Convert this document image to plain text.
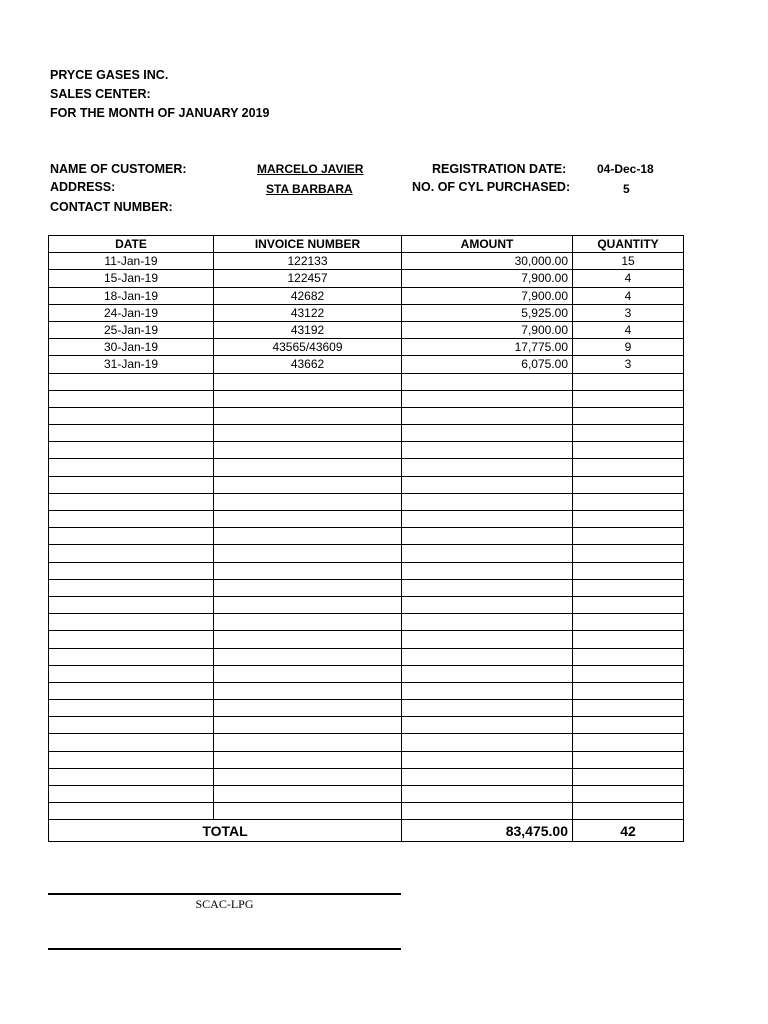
PRYCE GASES INC.
SALES CENTER:
FOR THE MONTH OF JANUARY 2019
NAME OF CUSTOMER:	MARCELO JAVIER
ADDRESS:	STA BARBARA
CONTACT NUMBER:
REGISTRATION DATE:	04-Dec-18
NO. OF CYL PURCHASED:	5
DATE	INVOICE NUMBER	AMOUNT	QUANTITY
11-Jan-19	122133	30,000.00	15
15-Jan-19	122457	7,900.00	4
18-Jan-19	42682	7,900.00	4
24-Jan-19	43122	5,925.00	3
25-Jan-19	43192	7,900.00	4
30-Jan-19	43565/43609	17,775.00	9
31-Jan-19	43662	6,075.00	3

TOTAL		83,475.00	42
SCAC-LPG
